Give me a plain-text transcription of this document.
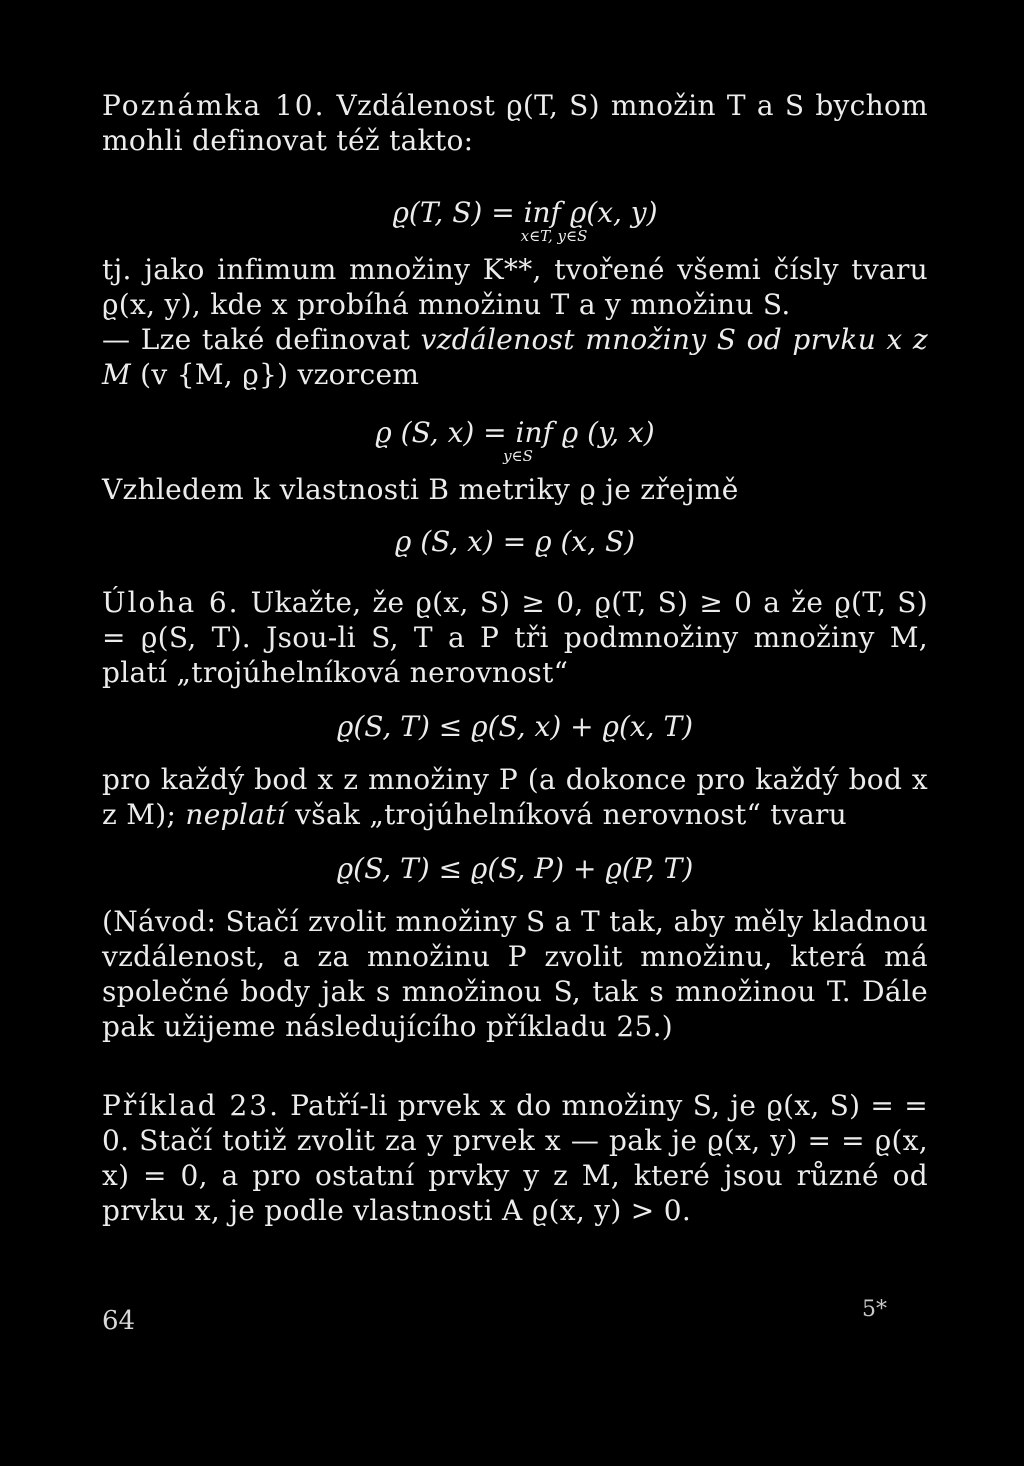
Poznámka 10. Vzdálenost ϱ(T, S) množin T a S bychom mohli definovat též takto:

ϱ(T, S) = inf ϱ(x, y)

x∈T, y∈S

tj. jako infimum množiny K**, tvořené všemi čísly tvaru ϱ(x, y), kde x probíhá množinu T a y množinu S.

— Lze také definovat vzdálenost množiny S od prvku x z M (v {M, ϱ}) vzorcem

ϱ (S, x) = inf ϱ (y, x)

y∈S

Vzhledem k vlastnosti B metriky ϱ je zřejmě

ϱ (S, x) = ϱ (x, S)

Úloha 6. Ukažte, že ϱ(x, S) ≥ 0, ϱ(T, S) ≥ 0 a že ϱ(T, S) = ϱ(S, T). Jsou-li S, T a P tři podmnožiny množiny M, platí „trojúhelníková nerovnost“

ϱ(S, T) ≤ ϱ(S, x) + ϱ(x, T)

pro každý bod x z množiny P (a dokonce pro každý bod x z M); neplatí však „trojúhelníková nerovnost“ tvaru

ϱ(S, T) ≤ ϱ(S, P) + ϱ(P, T)

(Návod: Stačí zvolit množiny S a T tak, aby měly kladnou vzdálenost, a za množinu P zvolit množinu, která má společné body jak s množinou S, tak s množinou T. Dále pak užijeme následujícího příkladu 25.)

Příklad 23. Patří-li prvek x do množiny S, je ϱ(x, S) = = 0. Stačí totiž zvolit za y prvek x — pak je ϱ(x, y) = = ϱ(x, x) = 0, a pro ostatní prvky y z M, které jsou různé od prvku x, je podle vlastnosti A ϱ(x, y) > 0.

64	5*
